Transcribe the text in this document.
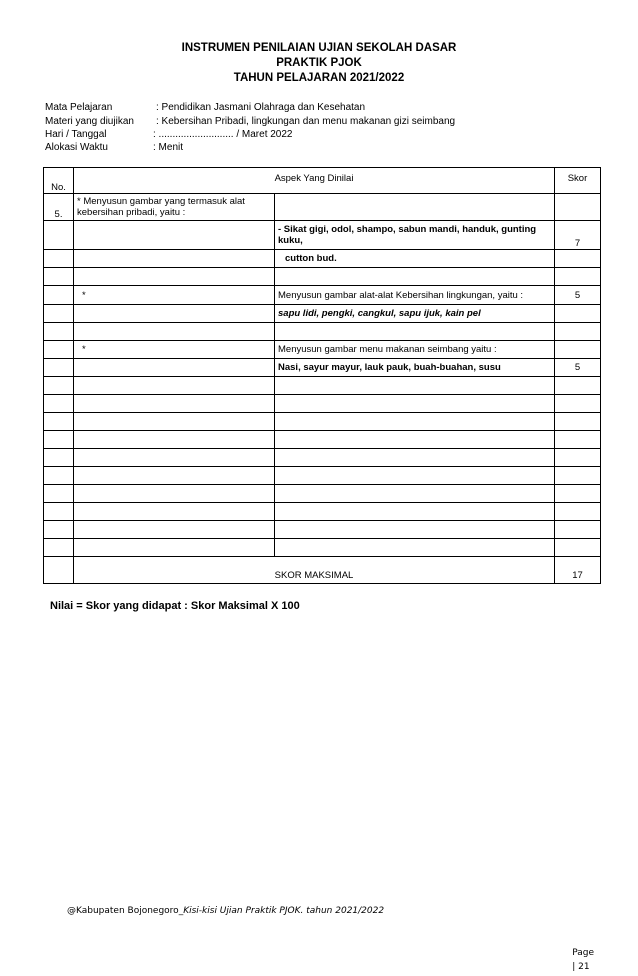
INSTRUMEN PENILAIAN UJIAN SEKOLAH DASAR
PRAKTIK PJOK
TAHUN PELAJARAN 2021/2022
Mata Pelajaran	: Pendidikan Jasmani Olahraga dan Kesehatan
Materi yang diujikan : Kebersihan Pribadi, lingkungan dan menu makanan gizi seimbang
Hari / Tanggal	: ........................... / Maret 2022
Alokasi Waktu	: Menit
No.	Aspek Yang Dinilai		Skor
5.	* Menyusun gambar yang termasuk alat kebersihan pribadi, yaitu :		
		- Sikat gigi, odol, shampo, sabun mandi, handuk, gunting kuku,	7
		cutton bud.	

	*	Menyusun gambar alat-alat Kebersihan lingkungan, yaitu :	5
		sapu lidi, pengki, cangkul, sapu ijuk, kain pel	

	*	Menyusun gambar menu makanan seimbang yaitu :	
		Nasi, sayur mayur, lauk pauk, buah-buahan, susu	5

	SKOR MAKSIMAL		17
Nilai = Skor yang didapat : Skor Maksimal X 100
@Kabupaten Bojonegoro_Kisi-kisi Ujian Praktik PJOK. tahun 2021/2022
Page
| 21
